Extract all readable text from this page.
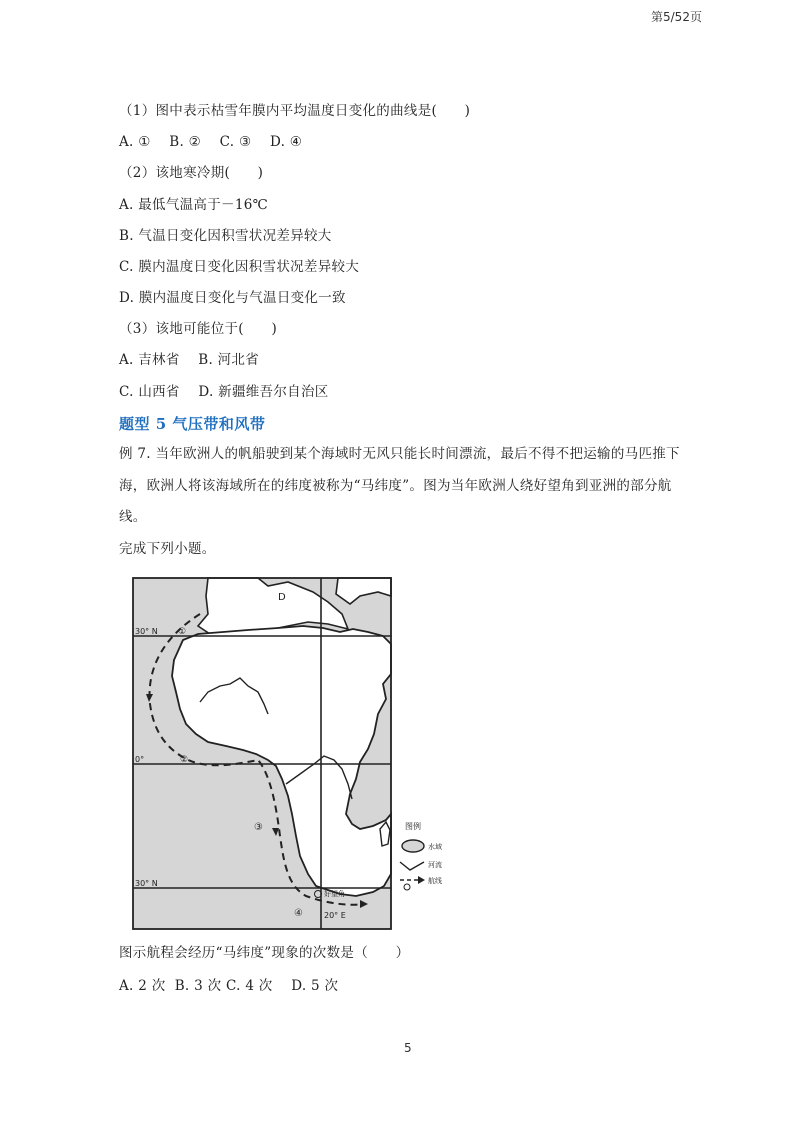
第5/52页
（1）图中表示枯雪年膜内平均温度日变化的曲线是(　　)
A. ① B. ② C. ③ D. ④
（2）该地寒冷期(　　)
A. 最低气温高于－16℃
B. 气温日变化因积雪状况差异较大
C. 膜内温度日变化因积雪状况差异较大
D. 膜内温度日变化与气温日变化一致
（3）该地可能位于(　　)
A. 吉林省 B. 河北省
C. 山西省 D. 新疆维吾尔自治区
题型 5 气压带和风带
例 7. 当年欧洲人的帆船驶到某个海域时无风只能长时间漂流，最后不得不把运输的马匹推下
海，欧洲人将该海域所在的纬度被称为“马纬度”。图为当年欧洲人绕好望角到亚洲的部分航
线。
完成下列小题。
30° N
0°
30° N
20° E
D
①
②
③
④
好望角
图例
水域
河流
航线
图示航程会经历“马纬度”现象的次数是（　　）
A. 2 次 B. 3 次 C. 4 次 D. 5 次
5
